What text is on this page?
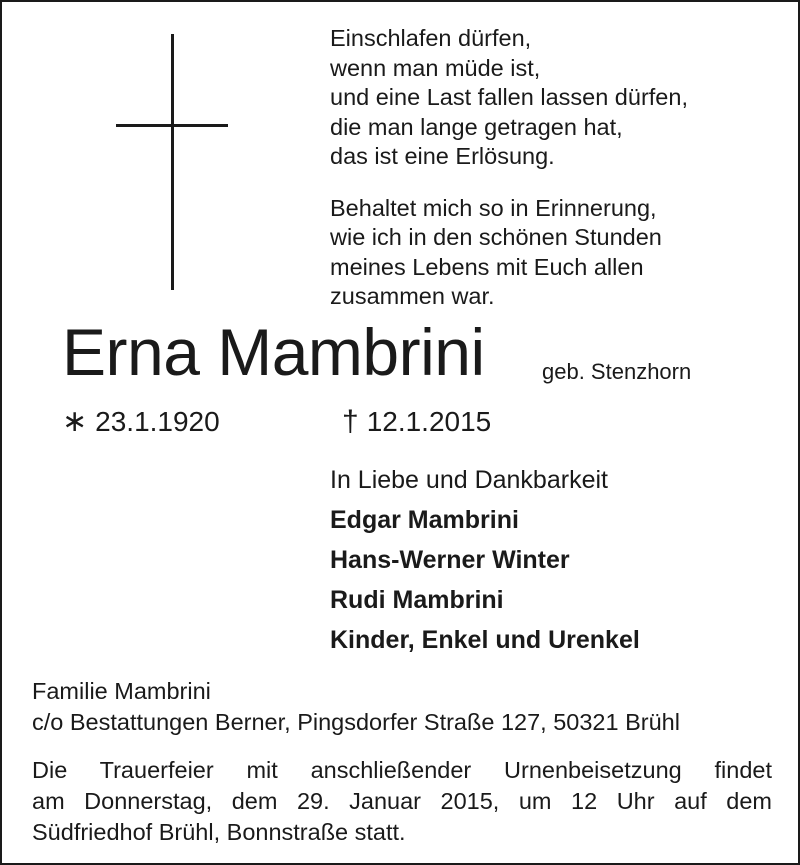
Einschlafen dürfen,
wenn man müde ist,
und eine Last fallen lassen dürfen,
die man lange getragen hat,
das ist eine Erlösung.
Behaltet mich so in Erinnerung,
wie ich in den schönen Stunden
meines Lebens mit Euch allen
zusammen war.
Erna Mambrini	geb. Stenzhorn
∗ 23.1.1920	† 12.1.2015
In Liebe und Dankbarkeit
Edgar Mambrini
Hans-Werner Winter
Rudi Mambrini
Kinder, Enkel und Urenkel
Familie Mambrini
c/o Bestattungen Berner, Pingsdorfer Straße 127, 50321 Brühl
Die Trauerfeier mit anschließender Urnenbeisetzung findet
am Donnerstag, dem 29. Januar 2015, um 12 Uhr auf dem
Südfriedhof Brühl, Bonnstraße statt.
